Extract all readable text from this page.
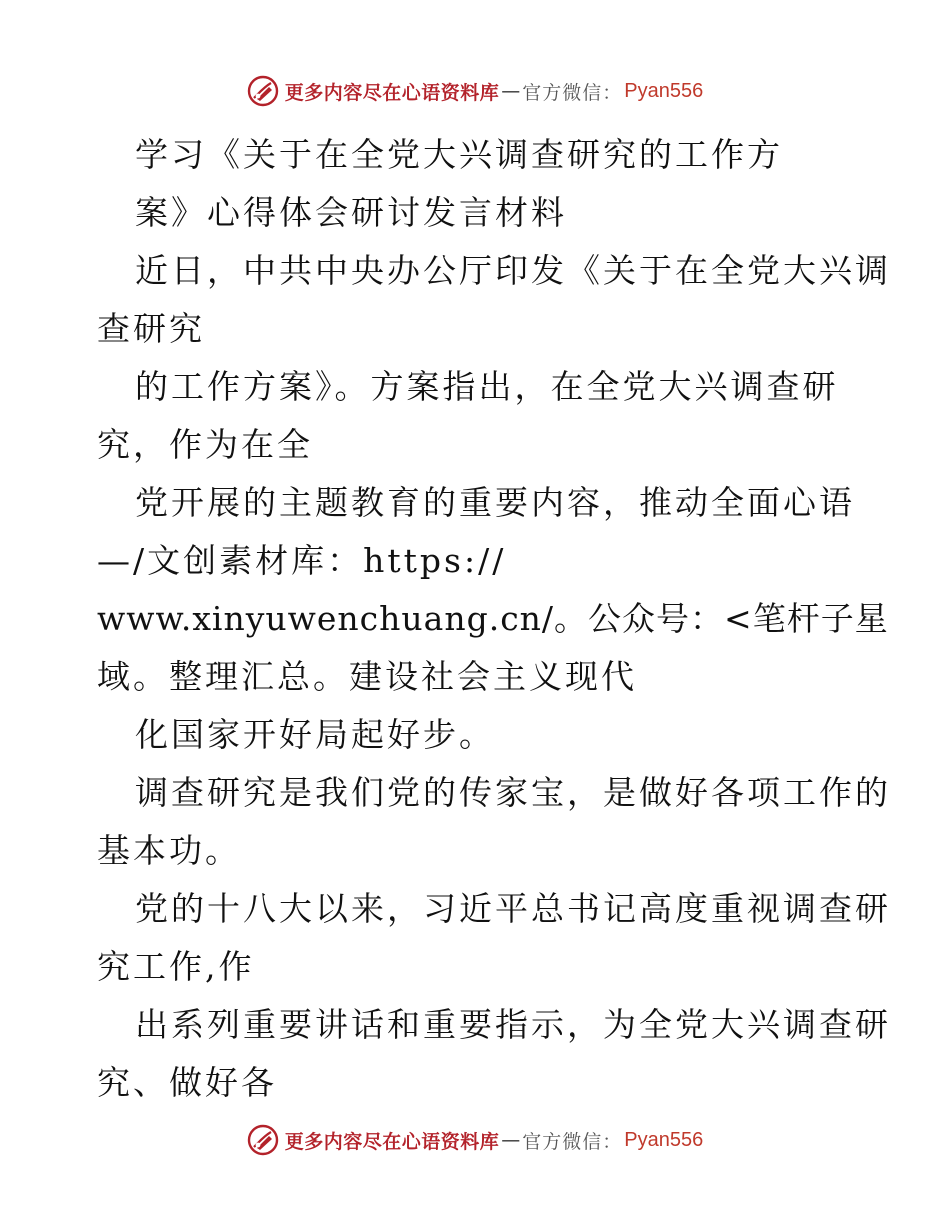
更多内容尽在心语资料库 — 官方微信： Pyan556
学习《关于在全党大兴调查研究的工作方
案》心得体会研讨发言材料
近日，中共中央办公厅印发《关于在全党大兴调
查研究
的工作方案》。方案指出，在全党大兴调查研
究，作为在全
党开展的主题教育的重要内容，推动全面心语
—/文创素材库：https://
www.xinyuwenchuang.cn/。公众号：<笔杆子星
域。整理汇总。建设社会主义现代
化国家开好局起好步。
调查研究是我们党的传家宝，是做好各项工作的
基本功。
党的十八大以来，习近平总书记高度重视调查研
究工作,作
出系列重要讲话和重要指示，为全党大兴调查研
究、做好各
更多内容尽在心语资料库 — 官方微信： Pyan556
